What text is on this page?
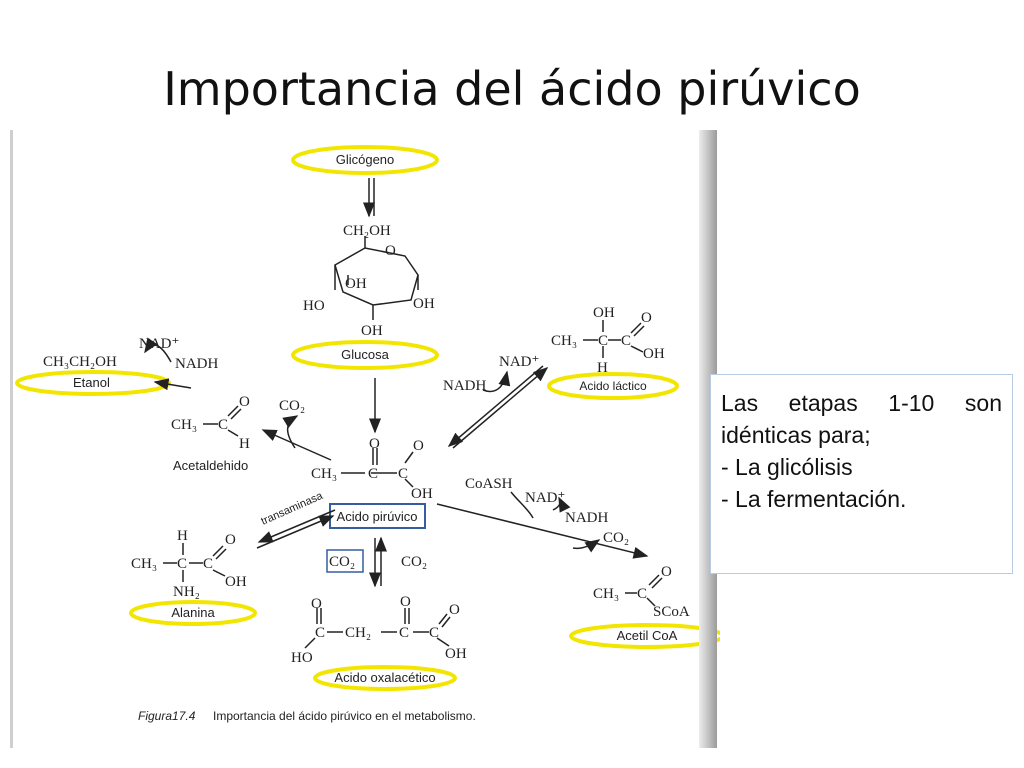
Importancia del ácido pirúvico
Glicógeno
CH₂OH
O
OH
OH
HO
OH
Glucosa
O
CH₃ C C
O
OH
Acido pirúvico
CH₃CH₂OH
Etanol
NAD⁺
NADH
CH₃ C
O
H
Acetaldehido
CO₂
NAD⁺
NADH
OH
CH₃ C C
O
OH
H
Acido láctico
CoASH
NAD⁺
NADH
CO₂
O
CH₃ C
SCoA
Acetil CoA
transaminasa
H
CH₃ C C
O
OH
NH₂
Alanina
CO₂	CO₂
O
C CH₂
O
C C
O
OH
HO
Acido oxalacético
Figura17.4 Importancia del ácido pirúvico en el metabolismo.
Las etapas 1-10 son
idénticas para;
- La glicólisis
- La fermentación.
